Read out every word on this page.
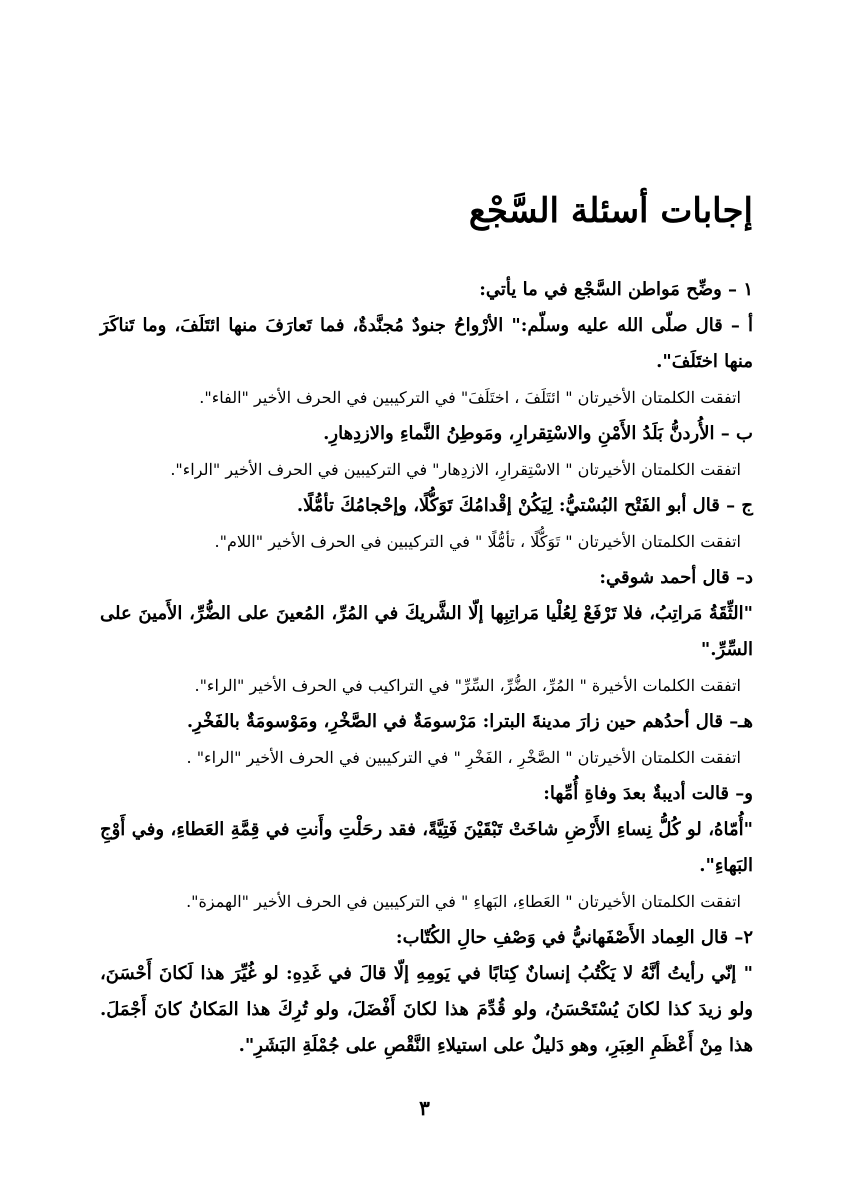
إجابات أسئلة السَّجْع

١ – وضِّح مَواطن السَّجْع في ما يأتي:

أ – قال صلّى الله عليه وسلّم:" الأرْواحُ جنودٌ مُجنَّدةٌ، فما تَعارَفَ منها ائتَلَفَ، وما تَناكَرَ منها اختَلَفَ".

اتفقت الكلمتان الأخيرتان " ائتَلَفَ ، اختَلَفَ" في التركيبين في الحرف الأخير "الفاء".

ب – الأُردنُّ بَلَدُ الأَمْنِ والاسْتِقرارِ، ومَوطِنُ النَّماءِ والازدِهارِ.

اتفقت الكلمتان الأخيرتان " الاسْتِقرارِ، الازدِهار" في التركيبين في الحرف الأخير "الراء".

ج – قال أبو الفَتْح البُسْتيُّ: لِيَكُنْ إقْدامُكَ تَوَكُّلًا، وإحْجامُكَ تأمُّلًا.

اتفقت الكلمتان الأخيرتان " تَوَكُّلًا ، تأمُّلًا " في التركيبين في الحرف الأخير "اللام".

د– قال أحمد شوقي:

"الثِّقَةُ مَراتِبُ، فلا تَرْفَعْ لِعُلْيا مَراتِبِها إلّا الشَّريكَ في المُرِّ، المُعينَ على الضُّرِّ، الأَمينَ على السِّرِّ."

اتفقت الكلمات الأخيرة " المُرِّ، الضُّرِّ، السِّرِّ" في التراكيب في الحرف الأخير "الراء".

هـ– قال أحدُهم حين زارَ مدينةَ البترا: مَرْسومَةٌ في الصَّخْرِ، ومَوْسومَةٌ بالفَخْرِ.

اتفقت الكلمتان الأخيرتان " الصَّخْرِ ، الفَخْرِ " في التركيبين في الحرف الأخير "الراء" .

و– قالت أديبةٌ بعدَ وفاةِ أُمِّها:

"أُمّاهُ، لو كُلُّ نِساءِ الأَرْضِ شاخَتْ تَبْقَيْنَ فَتِيَّةً، فقد رحَلْتِ وأَنتِ في قِمَّةِ العَطاءِ، وفي أَوْجِ البَهاءِ".

اتفقت الكلمتان الأخيرتان " العَطاءِ، البَهاءِ " في التركيبين في الحرف الأخير "الهمزة".

٢– قال العِماد الأَصْفَهانيُّ في وَصْفِ حالِ الكُتّاب:

" إنّي رأيتُ أنَّهُ لا يَكْتُبُ إنسانٌ كِتابًا في يَومِهِ إلّا قالَ في غَدِهِ: لو غُيِّرَ هذا لَكانَ أَحْسَنَ، ولو زيدَ كذا لكانَ يُسْتَحْسَنُ، ولو قُدِّمَ هذا لكانَ أَفْضَلَ، ولو تُرِكَ هذا المَكانُ كانَ أَجْمَلَ. هذا مِنْ أَعْظَمِ العِبَرِ، وهو دَليلٌ على استيلاءِ النَّقْصِ على جُمْلَةِ البَشَرِ".

٣
